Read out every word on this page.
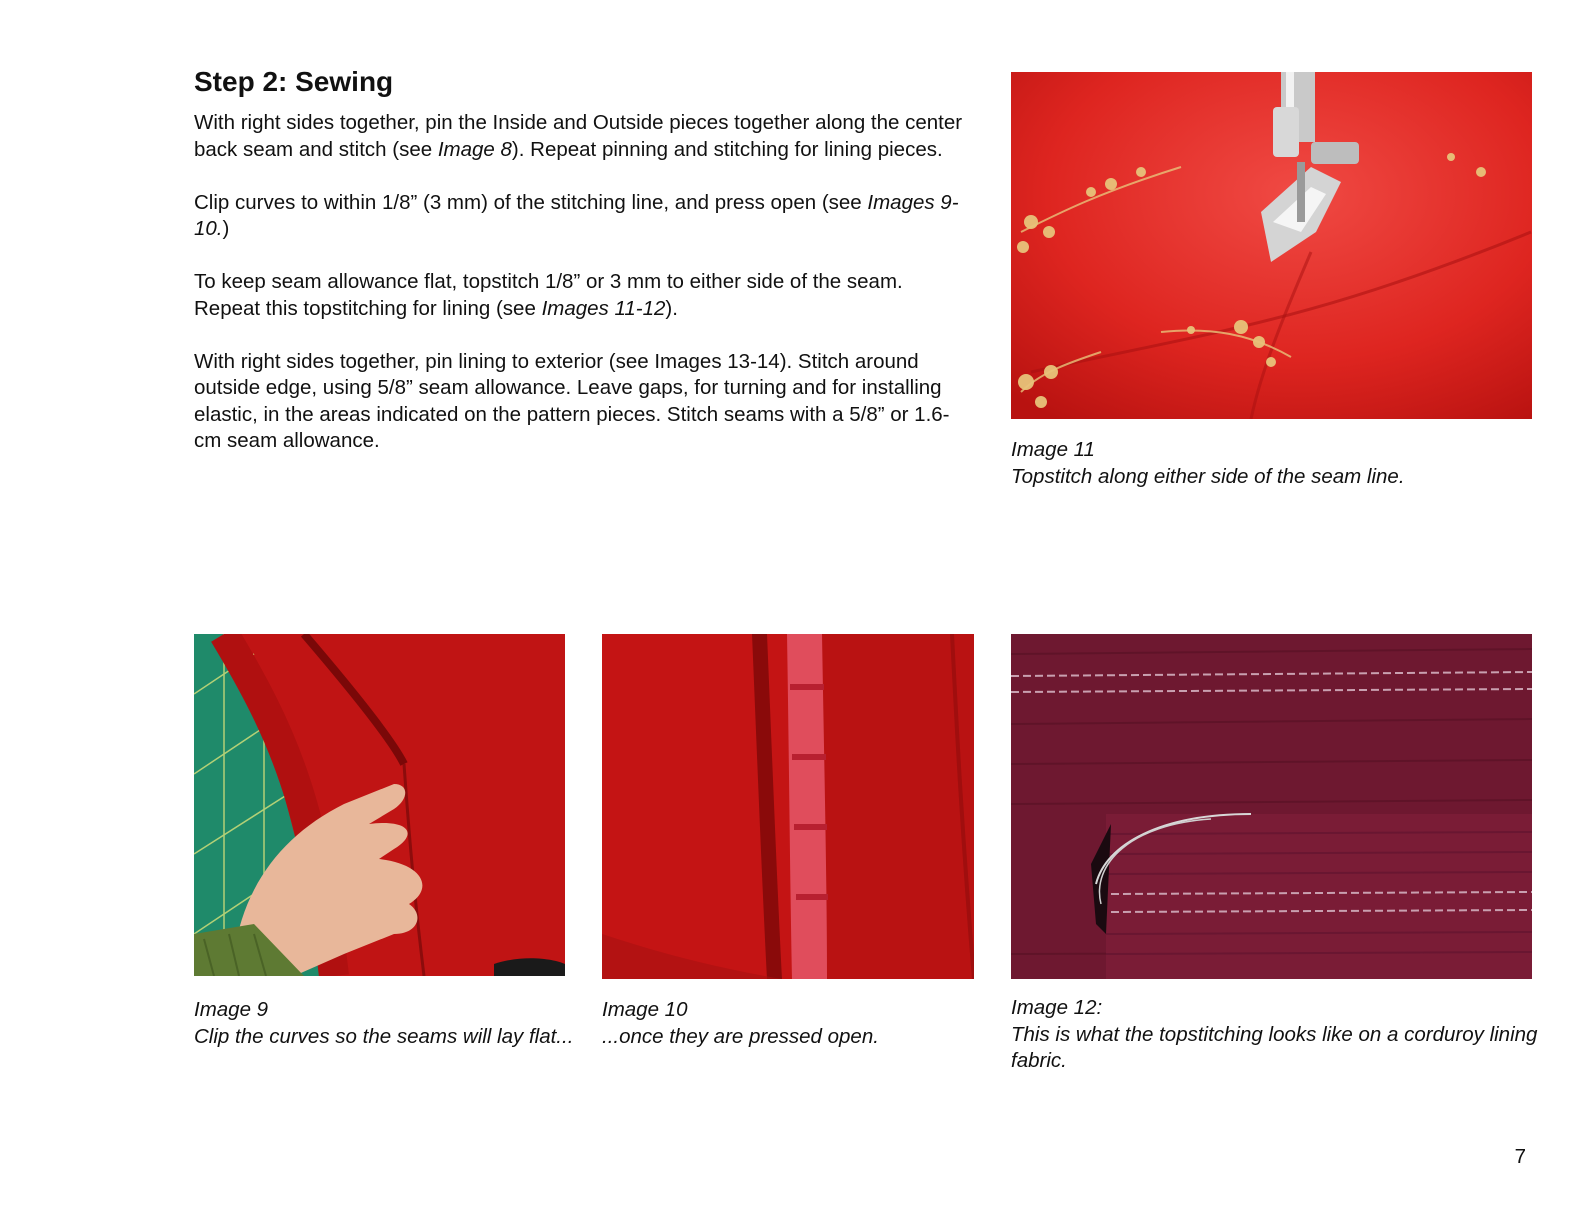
Step 2: Sewing

With right sides together, pin the Inside and Outside pieces together along the center back seam and stitch (see Image 8). Repeat pinning and stitching for lining pieces.

Clip curves to within 1/8” (3 mm) of the stitching line, and press open (see Images 9-10.)

To keep seam allowance flat, topstitch 1/8” or 3 mm to either side of the seam. Repeat this topstitching for lining (see Images 11-12).

With right sides together, pin lining to exterior (see Images 13-14). Stitch around outside edge, using 5/8” seam allowance. Leave gaps, for turning and for installing elastic, in the areas indicated on the pattern pieces. Stitch seams with a 5/8” or 1.6-cm seam allowance.	Image 11
Topstitch along either side of the seam line.

Image 9
Clip the curves so the seams will lay flat...

Image 10
...once they are pressed open.

Image 12:
This is what the topstitching looks like on a corduroy lining fabric.

7
